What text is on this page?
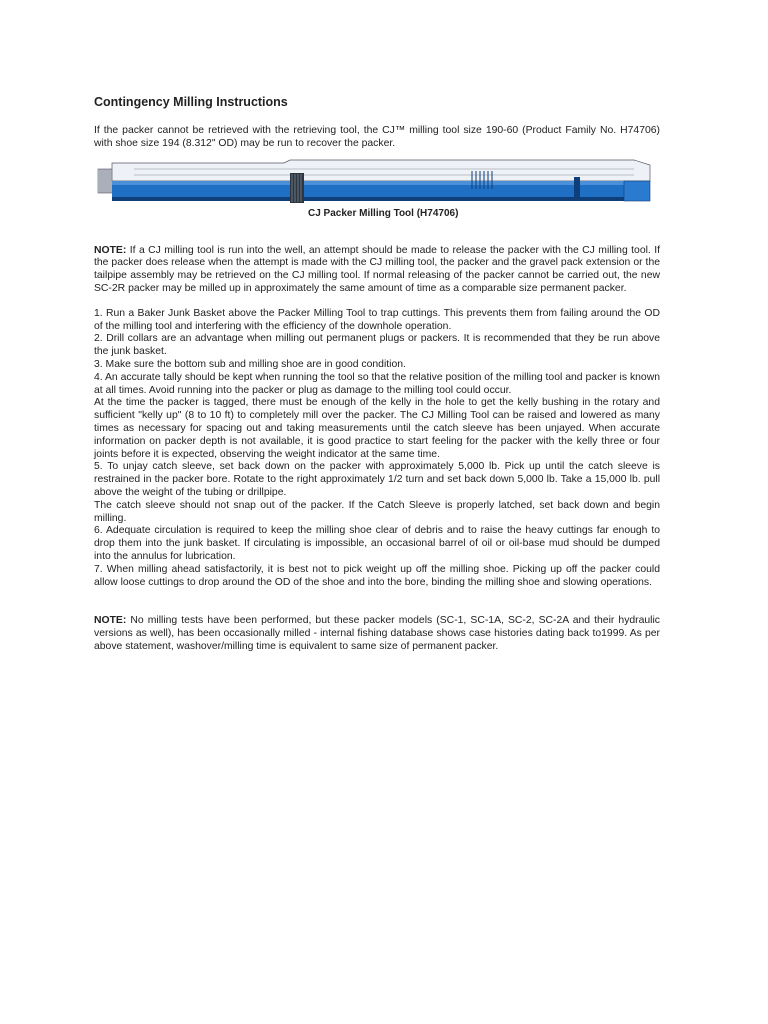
Contingency Milling Instructions

If the packer cannot be retrieved with the retrieving tool, the CJ™ milling tool size 190-60 (Product Family No. H74706) with shoe size 194 (8.312" OD) may be run to recover the packer.

CJ Packer Milling Tool (H74706)

NOTE: If a CJ milling tool is run into the well, an attempt should be made to release the packer with the CJ milling tool. If the packer does release when the attempt is made with the CJ milling tool, the packer and the gravel pack extension or the tailpipe assembly may be retrieved on the CJ milling tool. If normal releasing of the packer cannot be carried out, the new SC-2R packer may be milled up in approximately the same amount of time as a comparable size permanent packer.

1. Run a Baker Junk Basket above the Packer Milling Tool to trap cuttings. This prevents them from failing around the OD of the milling tool and interfering with the efficiency of the downhole operation.

2. Drill collars are an advantage when milling out permanent plugs or packers. It is recommended that they be run above the junk basket.

3. Make sure the bottom sub and milling shoe are in good condition.

4. An accurate tally should be kept when running the tool so that the relative position of the milling tool and packer is known at all times. Avoid running into the packer or plug as damage to the milling tool could occur.

At the time the packer is tagged, there must be enough of the kelly in the hole to get the kelly bushing in the rotary and sufficient "kelly up" (8 to 10 ft) to completely mill over the packer. The CJ Milling Tool can be raised and lowered as many times as necessary for spacing out and taking measurements until the catch sleeve has been unjayed. When accurate information on packer depth is not available, it is good practice to start feeling for the packer with the kelly three or four joints before it is expected, observing the weight indicator at the same time.

5. To unjay catch sleeve, set back down on the packer with approximately 5,000 lb. Pick up until the catch sleeve is restrained in the packer bore. Rotate to the right approximately 1/2 turn and set back down 5,000 lb. Take a 15,000 lb. pull above the weight of the tubing or drillpipe.

The catch sleeve should not snap out of the packer. If the Catch Sleeve is properly latched, set back down and begin milling.

6. Adequate circulation is required to keep the milling shoe clear of debris and to raise the heavy cuttings far enough to drop them into the junk basket. If circulating is impossible, an occasional barrel of oil or oil-base mud should be dumped into the annulus for lubrication.

7. When milling ahead satisfactorily, it is best not to pick weight up off the milling shoe. Picking up off the packer could allow loose cuttings to drop around the OD of the shoe and into the bore, binding the milling shoe and slowing operations.

NOTE: No milling tests have been performed, but these packer models (SC-1, SC-1A, SC-2, SC-2A and their hydraulic versions as well), has been occasionally milled - internal fishing database shows case histories dating back to1999. As per above statement, washover/milling time is equivalent to same size of permanent packer.
